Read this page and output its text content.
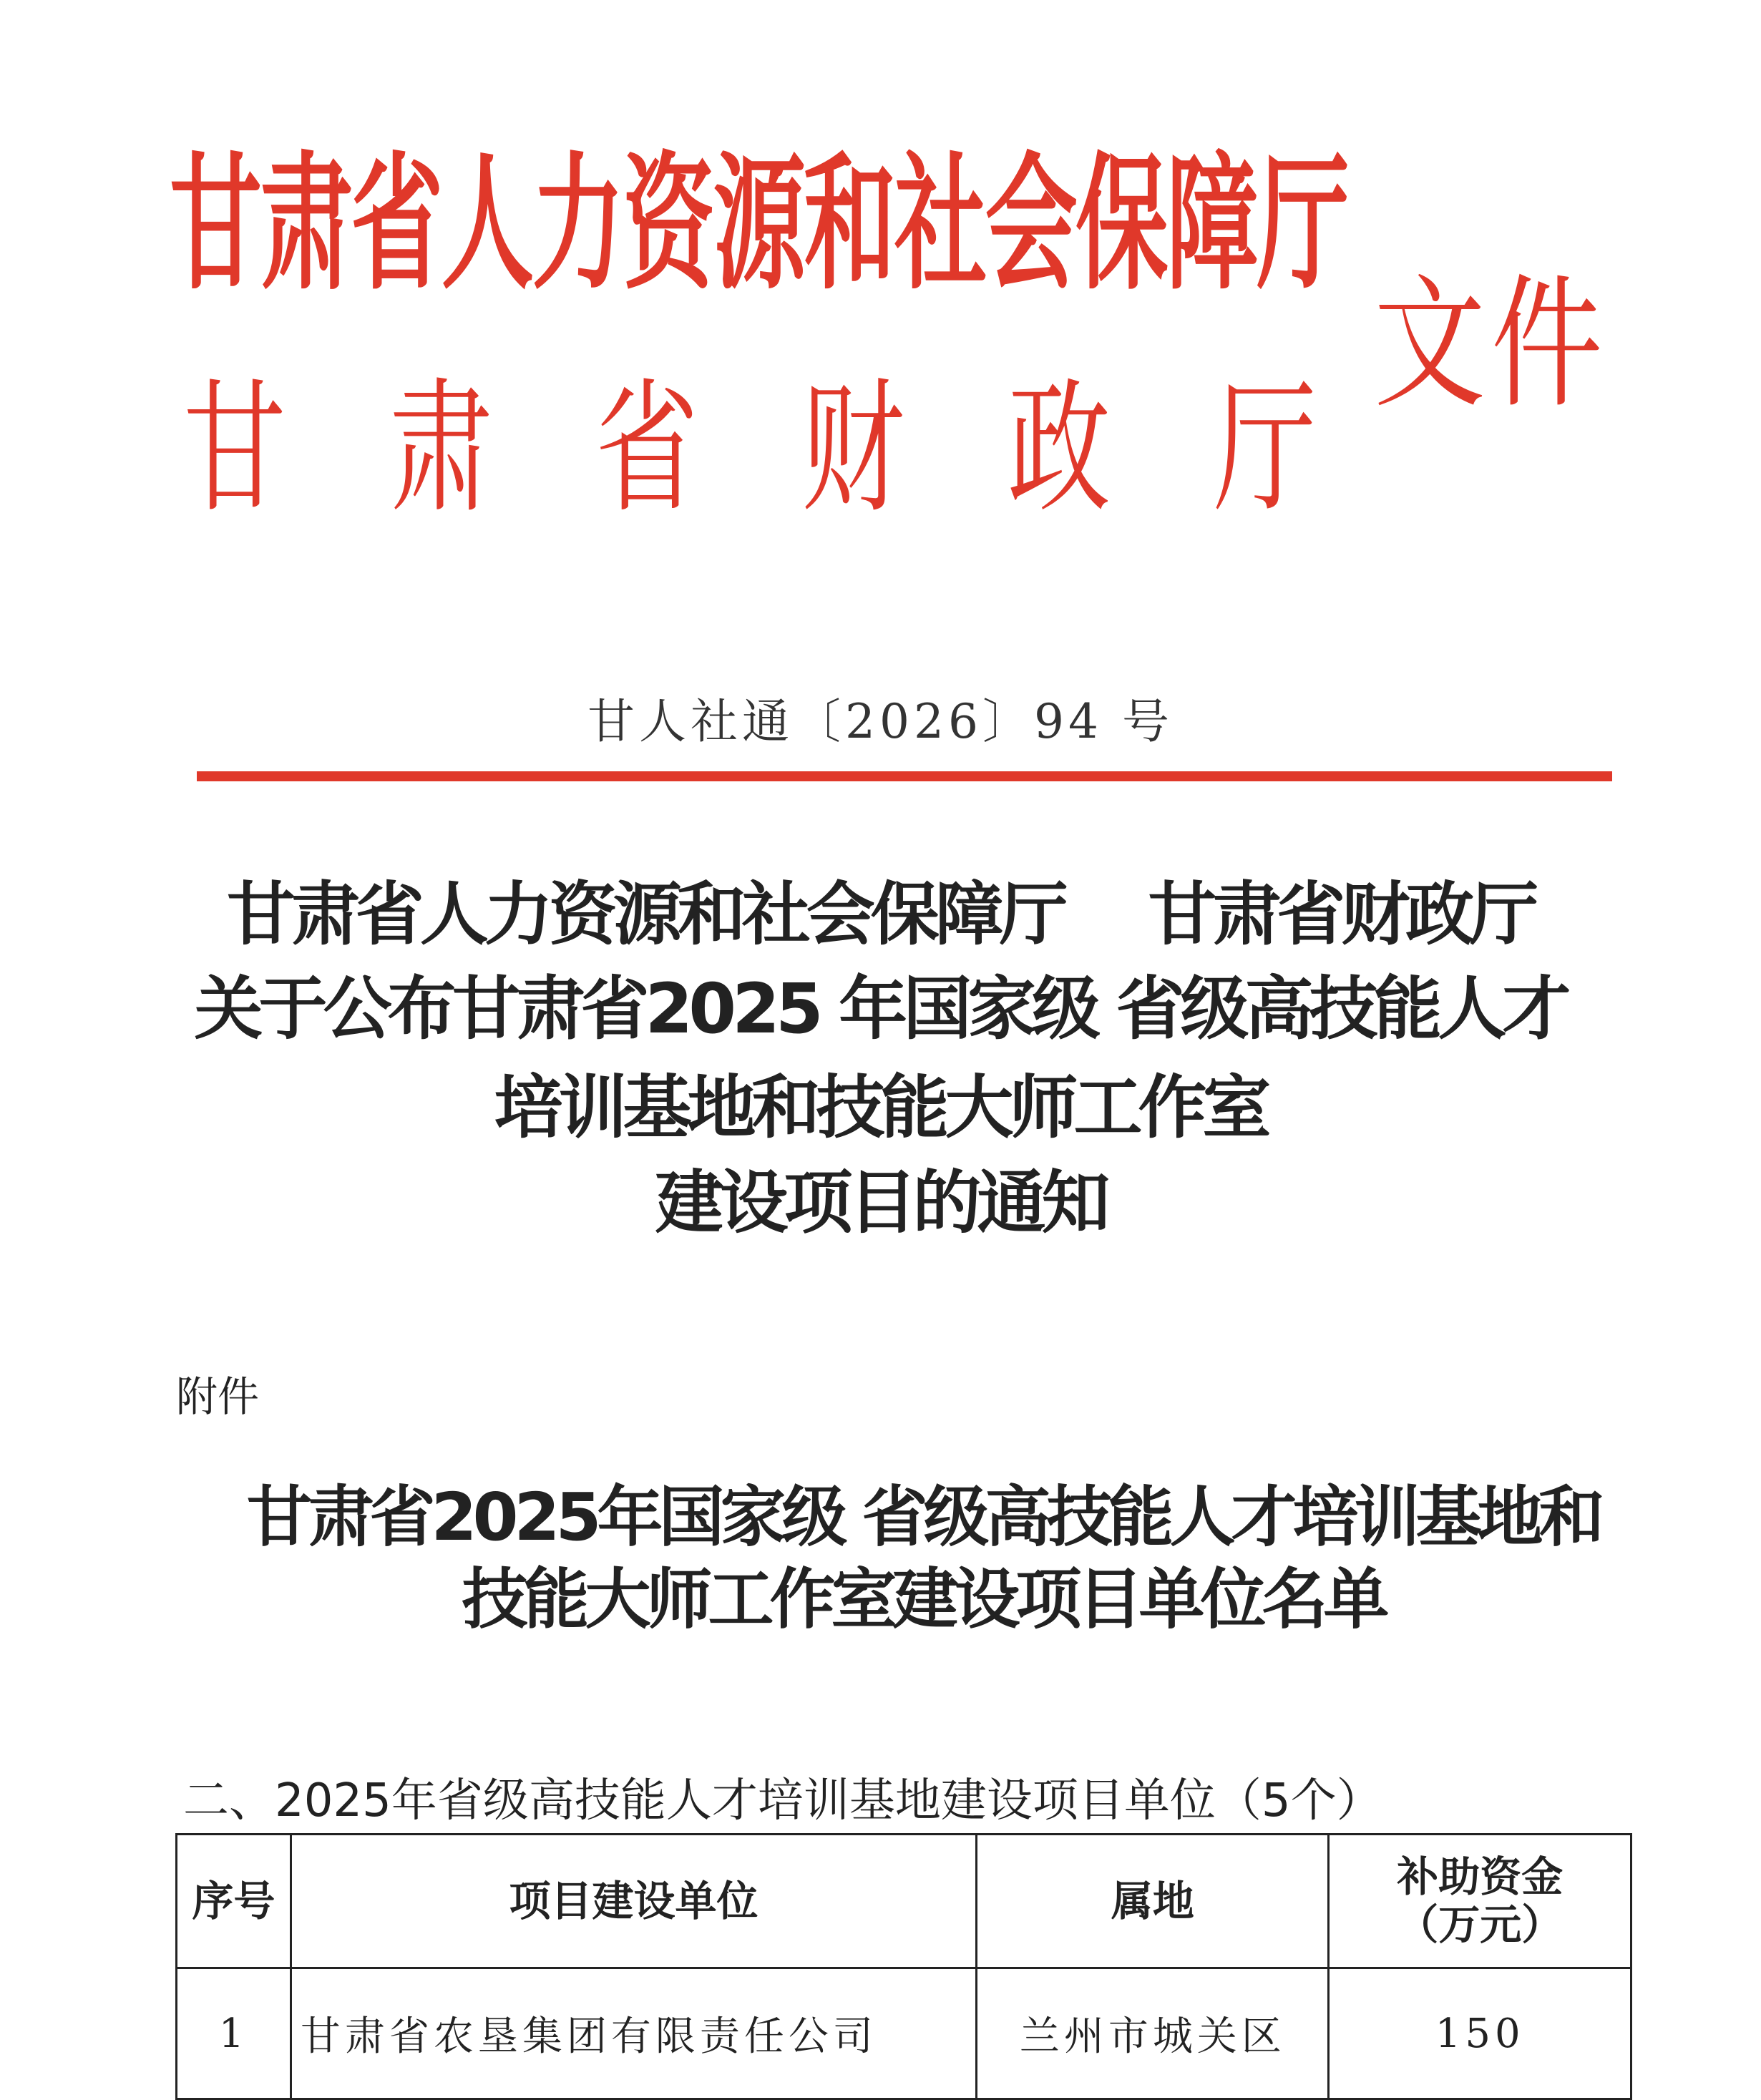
甘肃省人力资源和社会保障厅
甘 肃 省 财 政 厅
文件
甘人社通〔2026〕94 号
甘肃省人力资源和社会保障厅　 甘肃省财政厅
关于公布甘肃省2025 年国家级 省级高技能人才
培训基地和技能大师工作室
建设项目的通知
附件
甘肃省2025年国家级 省级高技能人才培训基地和
技能大师工作室建设项目单位名单
二、2025年省级高技能人才培训基地建设项目单位（5个）
序号	项目建设单位	属地	补助资金
（万元）
1	甘肃省农垦集团有限责任公司	兰州市城关区	150
